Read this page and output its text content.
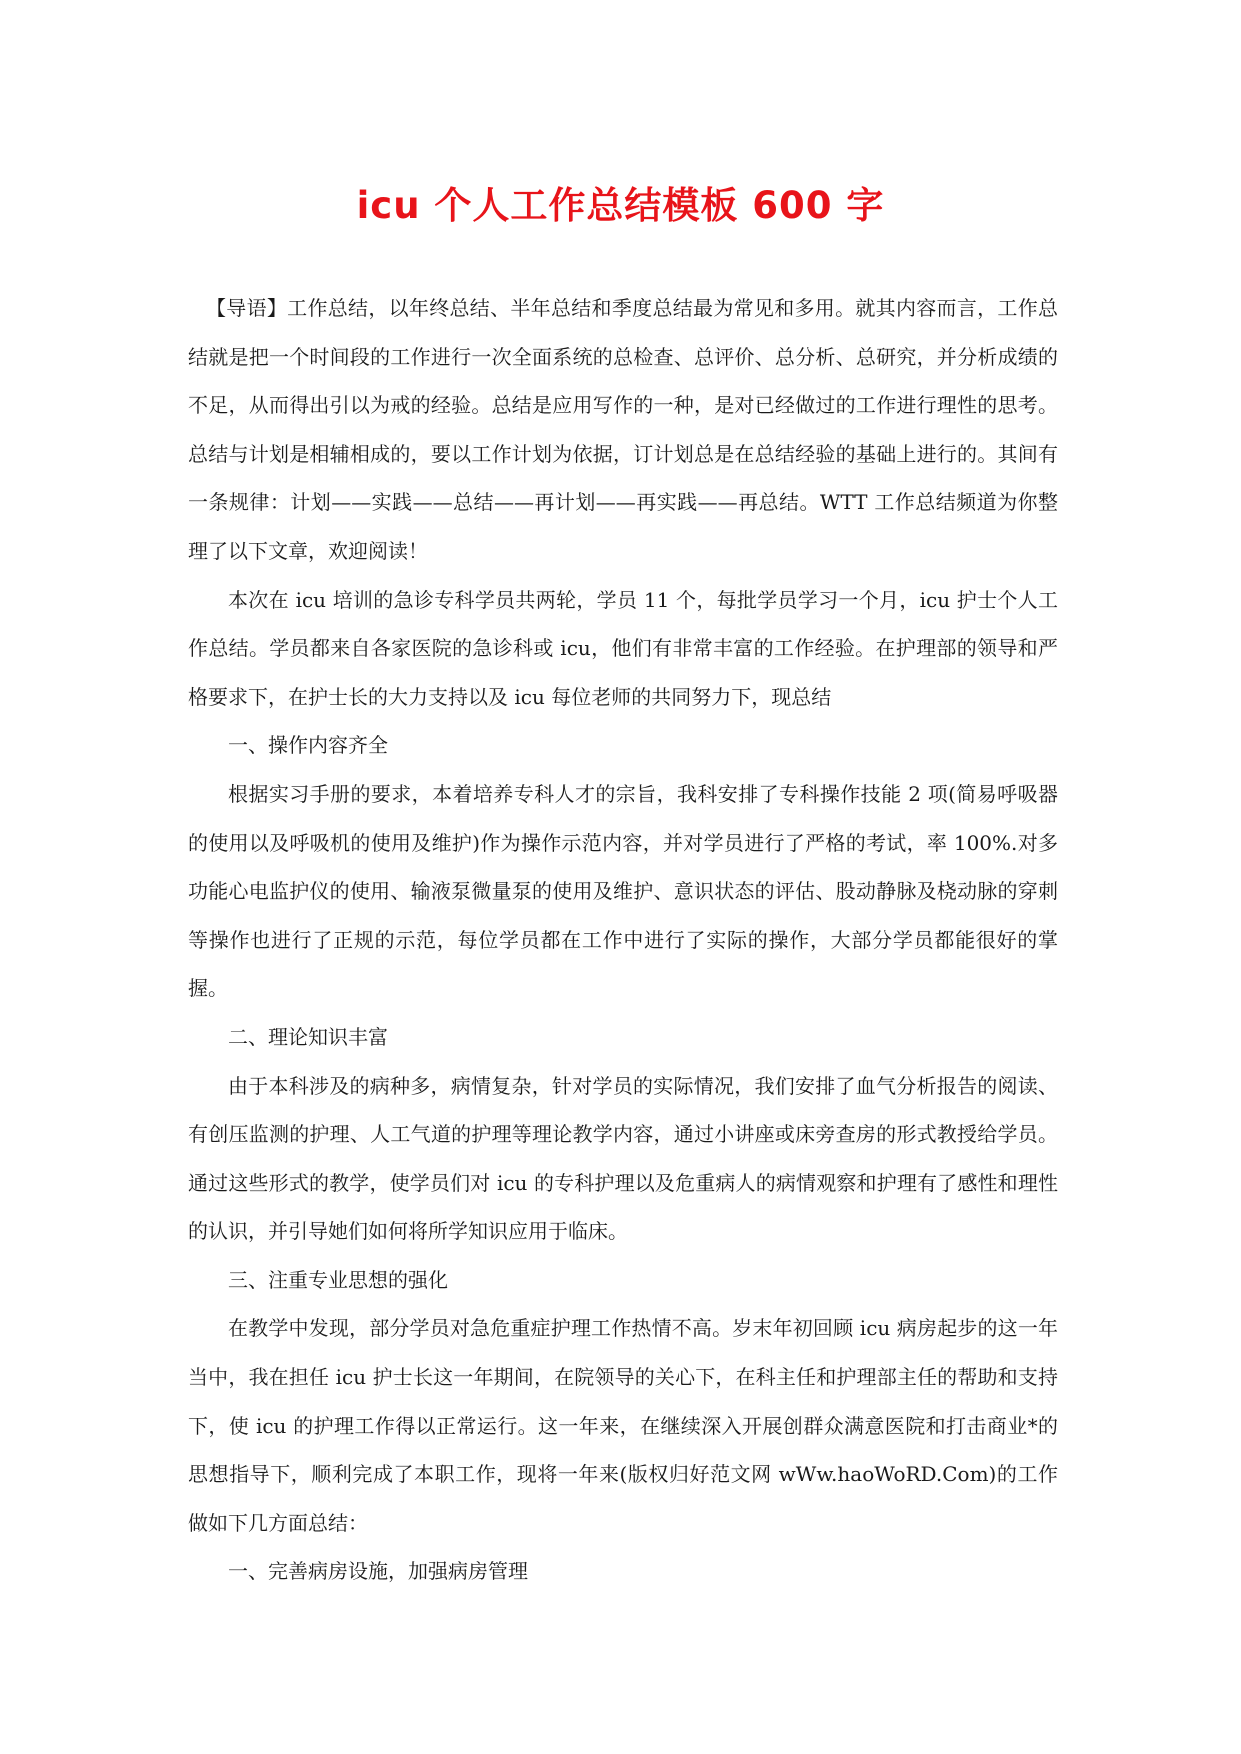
icu 个人工作总结模板 600 字

【导语】工作总结，以年终总结、半年总结和季度总结最为常见和多用。就其内容而言，工作总结就是把一个时间段的工作进行一次全面系统的总检查、总评价、总分析、总研究，并分析成绩的不足，从而得出引以为戒的经验。总结是应用写作的一种，是对已经做过的工作进行理性的思考。总结与计划是相辅相成的，要以工作计划为依据，订计划总是在总结经验的基础上进行的。其间有一条规律：计划——实践——总结——再计划——再实践——再总结。WTT 工作总结频道为你整理了以下文章，欢迎阅读！

本次在 icu 培训的急诊专科学员共两轮，学员 11 个，每批学员学习一个月，icu 护士个人工作总结。学员都来自各家医院的急诊科或 icu，他们有非常丰富的工作经验。在护理部的领导和严格要求下，在护士长的大力支持以及 icu 每位老师的共同努力下，现总结

一、操作内容齐全

根据实习手册的要求，本着培养专科人才的宗旨，我科安排了专科操作技能 2 项(简易呼吸器的使用以及呼吸机的使用及维护)作为操作示范内容，并对学员进行了严格的考试，率 100%.对多功能心电监护仪的使用、输液泵微量泵的使用及维护、意识状态的评估、股动静脉及桡动脉的穿刺等操作也进行了正规的示范，每位学员都在工作中进行了实际的操作，大部分学员都能很好的掌握。

二、理论知识丰富

由于本科涉及的病种多，病情复杂，针对学员的实际情况，我们安排了血气分析报告的阅读、有创压监测的护理、人工气道的护理等理论教学内容，通过小讲座或床旁查房的形式教授给学员。通过这些形式的教学，使学员们对 icu 的专科护理以及危重病人的病情观察和护理有了感性和理性的认识，并引导她们如何将所学知识应用于临床。

三、注重专业思想的强化

在教学中发现，部分学员对急危重症护理工作热情不高。岁末年初回顾 icu 病房起步的这一年当中，我在担任 icu 护士长这一年期间，在院领导的关心下，在科主任和护理部主任的帮助和支持下，使 icu 的护理工作得以正常运行。这一年来，在继续深入开展创群众满意医院和打击商业*的思想指导下，顺利完成了本职工作，现将一年来(版权归好范文网 wWw.haoWoRD.Com)的工作做如下几方面总结：

一、完善病房设施，加强病房管理
